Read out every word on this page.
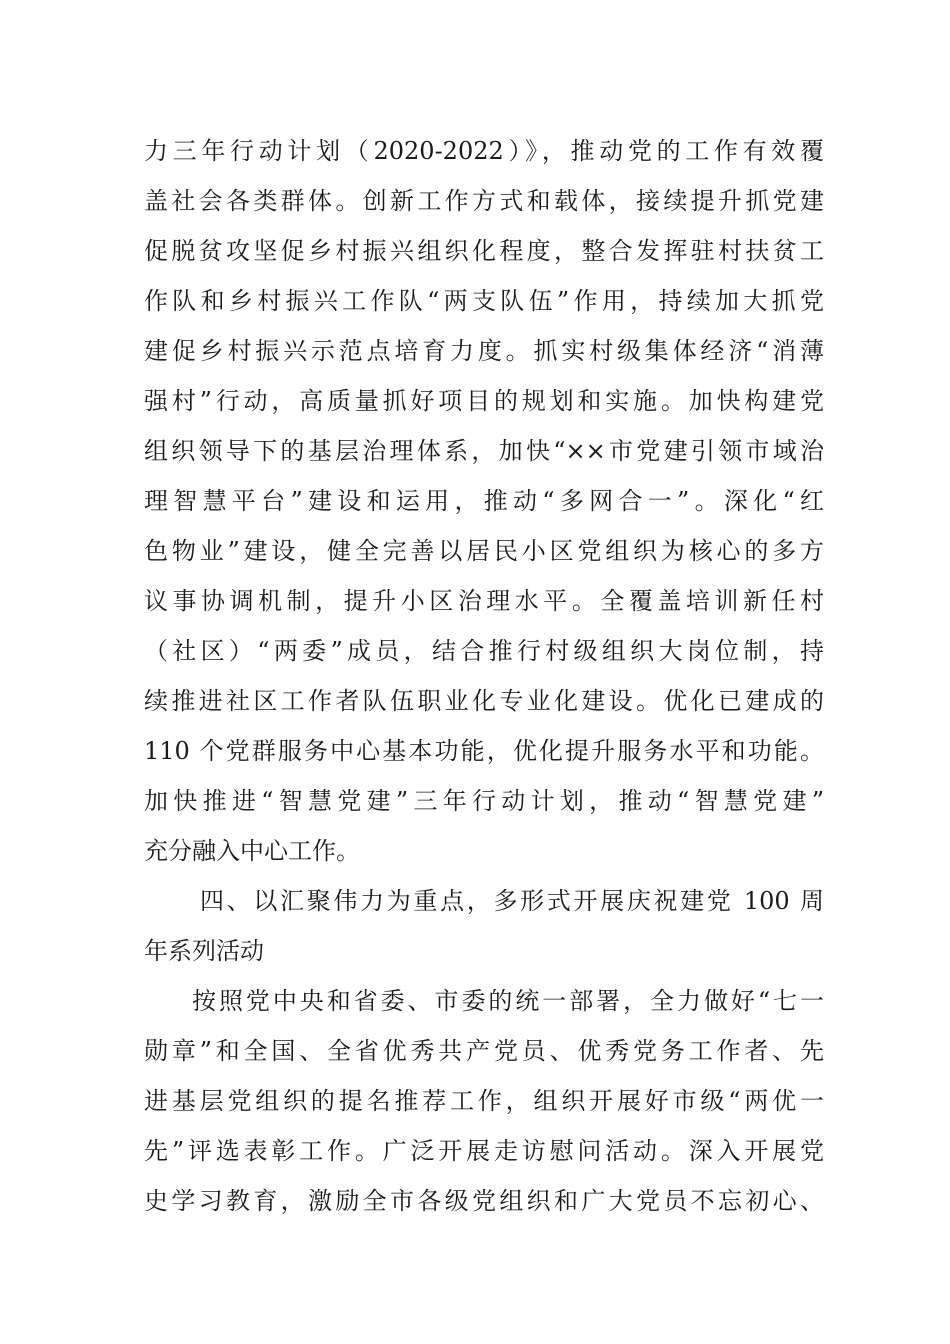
力三年行动计划（2020-2022）》，推动党的工作有效覆
盖社会各类群体。创新工作方式和载体，接续提升抓党建
促脱贫攻坚促乡村振兴组织化程度，整合发挥驻村扶贫工
作队和乡村振兴工作队“两支队伍”作用，持续加大抓党
建促乡村振兴示范点培育力度。抓实村级集体经济“消薄
强村”行动，高质量抓好项目的规划和实施。加快构建党
组织领导下的基层治理体系，加快“××市党建引领市域治
理智慧平台”建设和运用，推动“多网合一”。深化“红
色物业”建设，健全完善以居民小区党组织为核心的多方
议事协调机制，提升小区治理水平。全覆盖培训新任村
（社区）“两委”成员，结合推行村级组织大岗位制，持
续推进社区工作者队伍职业化专业化建设。优化已建成的
110 个党群服务中心基本功能，优化提升服务水平和功能。
加快推进“智慧党建”三年行动计划，推动“智慧党建”
充分融入中心工作。
四、以汇聚伟力为重点，多形式开展庆祝建党 100 周
年系列活动
按照党中央和省委、市委的统一部署，全力做好“七一
勋章”和全国、全省优秀共产党员、优秀党务工作者、先
进基层党组织的提名推荐工作，组织开展好市级“两优一
先”评选表彰工作。广泛开展走访慰问活动。深入开展党
史学习教育，激励全市各级党组织和广大党员不忘初心、
